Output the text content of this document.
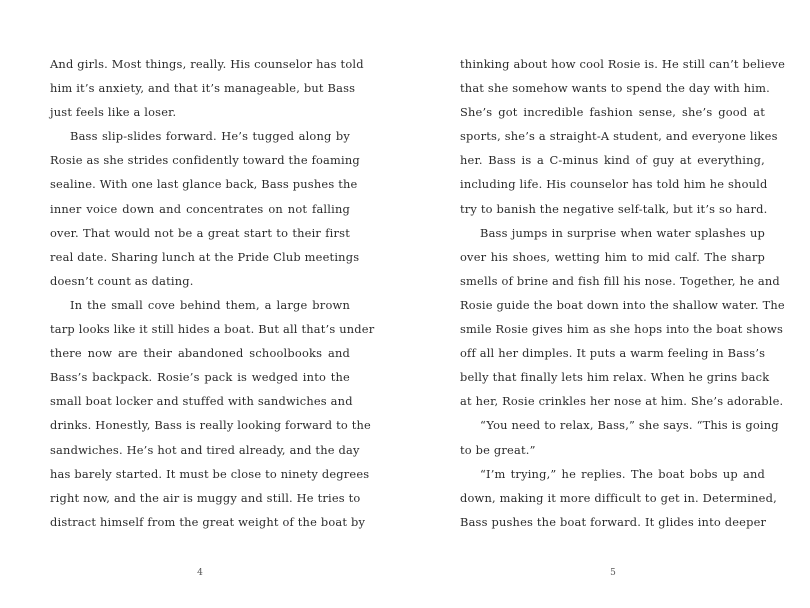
And girls. Most things, really. His counselor has told
him it’s anxiety, and that it’s manageable, but Bass
just feels like a loser.
Bass slip-slides forward. He’s tugged along by
Rosie as she strides confidently toward the foaming
sealine. With one last glance back, Bass pushes the
inner voice down and concentrates on not falling
over. That would not be a great start to their first
real date. Sharing lunch at the Pride Club meetings
doesn’t count as dating.
In the small cove behind them, a large brown
tarp looks like it still hides a boat. But all that’s under
there now are their abandoned schoolbooks and
Bass’s backpack. Rosie’s pack is wedged into the
small boat locker and stuffed with sandwiches and
drinks. Honestly, Bass is really looking forward to the
sandwiches. He’s hot and tired already, and the day
has barely started. It must be close to ninety degrees
right now, and the air is muggy and still. He tries to
distract himself from the great weight of the boat by
4
thinking about how cool Rosie is. He still can’t believe
that she somehow wants to spend the day with him.
She’s got incredible fashion sense, she’s good at
sports, she’s a straight-A student, and everyone likes
her. Bass is a C-minus kind of guy at everything,
including life. His counselor has told him he should
try to banish the negative self-talk, but it’s so hard.
Bass jumps in surprise when water splashes up
over his shoes, wetting him to mid calf. The sharp
smells of brine and fish fill his nose. Together, he and
Rosie guide the boat down into the shallow water. The
smile Rosie gives him as she hops into the boat shows
off all her dimples. It puts a warm feeling in Bass’s
belly that finally lets him relax. When he grins back
at her, Rosie crinkles her nose at him. She’s adorable.
“You need to relax, Bass,” she says. “This is going
to be great.”
“I’m trying,” he replies. The boat bobs up and
down, making it more difficult to get in. Determined,
Bass pushes the boat forward. It glides into deeper
5
